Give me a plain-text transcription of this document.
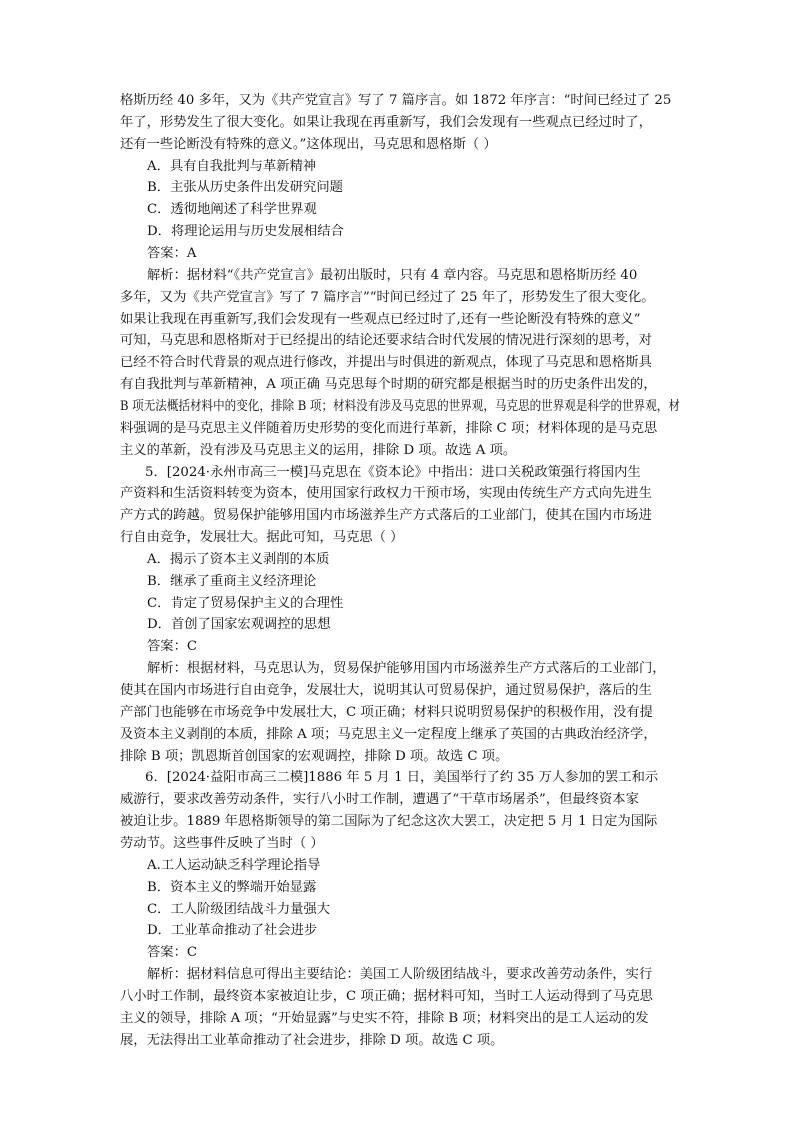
格斯历经 40 多年，又为《共产党宣言》写了 7 篇序言。如 1872 年序言：“时间已经过了 25
年了，形势发生了很大变化。如果让我现在再重新写，我们会发现有一些观点已经过时了，
还有一些论断没有特殊的意义。”这体现出，马克思和恩格斯（ ）
A．具有自我批判与革新精神
B．主张从历史条件出发研究问题
C．透彻地阐述了科学世界观
D．将理论运用与历史发展相结合
答案：A
解析：据材料“《共产党宣言》最初出版时，只有 4 章内容。马克思和恩格斯历经 40
多年，又为《共产党宣言》写了 7 篇序言”“时间已经过了 25 年了，形势发生了很大变化。
如果让我现在再重新写,我们会发现有一些观点已经过时了,还有一些论断没有特殊的意义”
可知，马克思和恩格斯对于已经提出的结论还要求结合时代发展的情况进行深刻的思考，对
已经不符合时代背景的观点进行修改，并提出与时俱进的新观点，体现了马克思和恩格斯具
有自我批判与革新精神，A 项正确 马克思每个时期的研究都是根据当时的历史条件出发的，
B 项无法概括材料中的变化，排除 B 项；材料没有涉及马克思的世界观，马克思的世界观是科学的世界观，材
料强调的是马克思主义伴随着历史形势的变化而进行革新，排除 C 项；材料体现的是马克思
主义的革新，没有涉及马克思主义的运用，排除 D 项。故选 A 项。
5．[2024·永州市高三一模]马克思在《资本论》中指出：进口关税政策强行将国内生
产资料和生活资料转变为资本，使用国家行政权力干预市场，实现由传统生产方式向先进生
产方式的跨越。贸易保护能够用国内市场滋养生产方式落后的工业部门，使其在国内市场进
行自由竞争，发展壮大。据此可知，马克思（ ）
A．揭示了资本主义剥削的本质
B．继承了重商主义经济理论
C．肯定了贸易保护主义的合理性
D．首创了国家宏观调控的思想
答案：C
解析：根据材料，马克思认为，贸易保护能够用国内市场滋养生产方式落后的工业部门，
使其在国内市场进行自由竞争，发展壮大，说明其认可贸易保护，通过贸易保护，落后的生
产部门也能够在市场竞争中发展壮大，C 项正确；材料只说明贸易保护的积极作用，没有提
及资本主义剥削的本质，排除 A 项；马克思主义一定程度上继承了英国的古典政治经济学，
排除 B 项；凯恩斯首创国家的宏观调控，排除 D 项。故选 C 项。
6．[2024·益阳市高三二模]1886 年 5 月 1 日，美国举行了约 35 万人参加的罢工和示
威游行，要求改善劳动条件，实行八小时工作制，遭遇了“干草市场屠杀”，但最终资本家
被迫让步。1889 年恩格斯领导的第二国际为了纪念这次大罢工，决定把 5 月 1 日定为国际
劳动节。这些事件反映了当时（ ）
A.工人运动缺乏科学理论指导
B．资本主义的弊端开始显露
C．工人阶级团结战斗力量强大
D．工业革命推动了社会进步
答案：C
解析：据材料信息可得出主要结论：美国工人阶级团结战斗，要求改善劳动条件，实行
八小时工作制，最终资本家被迫让步，C 项正确；据材料可知，当时工人运动得到了马克思
主义的领导，排除 A 项；“开始显露”与史实不符，排除 B 项；材料突出的是工人运动的发
展，无法得出工业革命推动了社会进步，排除 D 项。故选 C 项。
